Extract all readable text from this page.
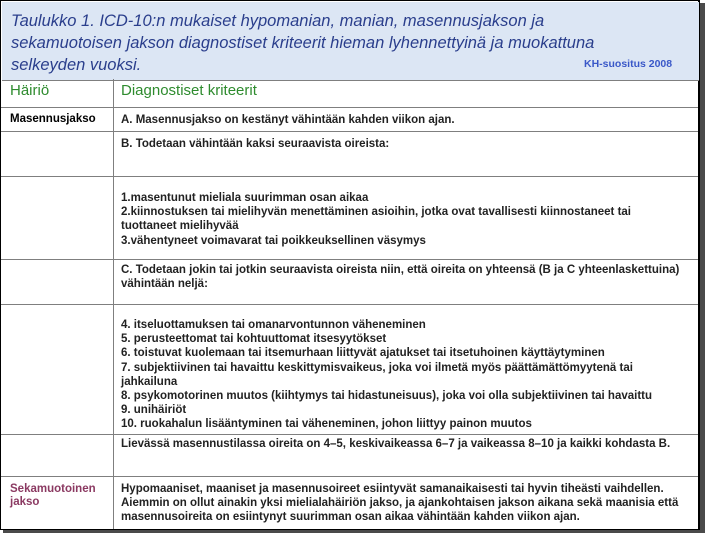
Taulukko 1. ICD-10:n mukaiset hypomanian, manian, masennusjakson ja
sekamuotoisen jakson diagnostiset kriteerit hieman lyhennettyinä ja muokattuna
selkeyden vuoksi.	KH-suositus 2008
Häiriö	Diagnostiset kriteerit
Masennusjakso
Sekamuotoinen
jakso
A. Masennusjakso on kestänyt vähintään kahden viikon ajan.
B. Todetaan vähintään kaksi seuraavista oireista:
1.masentunut mieliala suurimman osan aikaa
2.kiinnostuksen tai mielihyvän menettäminen asioihin, jotka ovat tavallisesti kiinnostaneet tai
tuottaneet mielihyvää
3.vähentyneet voimavarat tai poikkeuksellinen väsymys
C. Todetaan jokin tai jotkin seuraavista oireista niin, että oireita on yhteensä (B ja C yhteenlaskettuina)
vähintään neljä:
4. itseluottamuksen tai omanarvontunnon väheneminen
5. perusteettomat tai kohtuuttomat itsesyytökset
6. toistuvat kuolemaan tai itsemurhaan liittyvät ajatukset tai itsetuhoinen käyttäytyminen
7. subjektiivinen tai havaittu keskittymisvaikeus, joka voi ilmetä myös päättämättömyytenä tai
jahkailuna
8. psykomotorinen muutos (kiihtymys tai hidastuneisuus), joka voi olla subjektiivinen tai havaittu
9. unihäiriöt
10. ruokahalun lisääntyminen tai väheneminen, johon liittyy painon muutos
Lievässä masennustilassa oireita on 4–5, keskivaikeassa 6–7 ja vaikeassa 8–10 ja kaikki kohdasta B.
Hypomaaniset, maaniset ja masennusoireet esiintyvät samanaikaisesti tai hyvin tiheästi vaihdellen.
Aiemmin on ollut ainakin yksi mielialahäiriön jakso, ja ajankohtaisen jakson aikana sekä maanisia että
masennusoireita on esiintynyt suurimman osan aikaa vähintään kahden viikon ajan.
